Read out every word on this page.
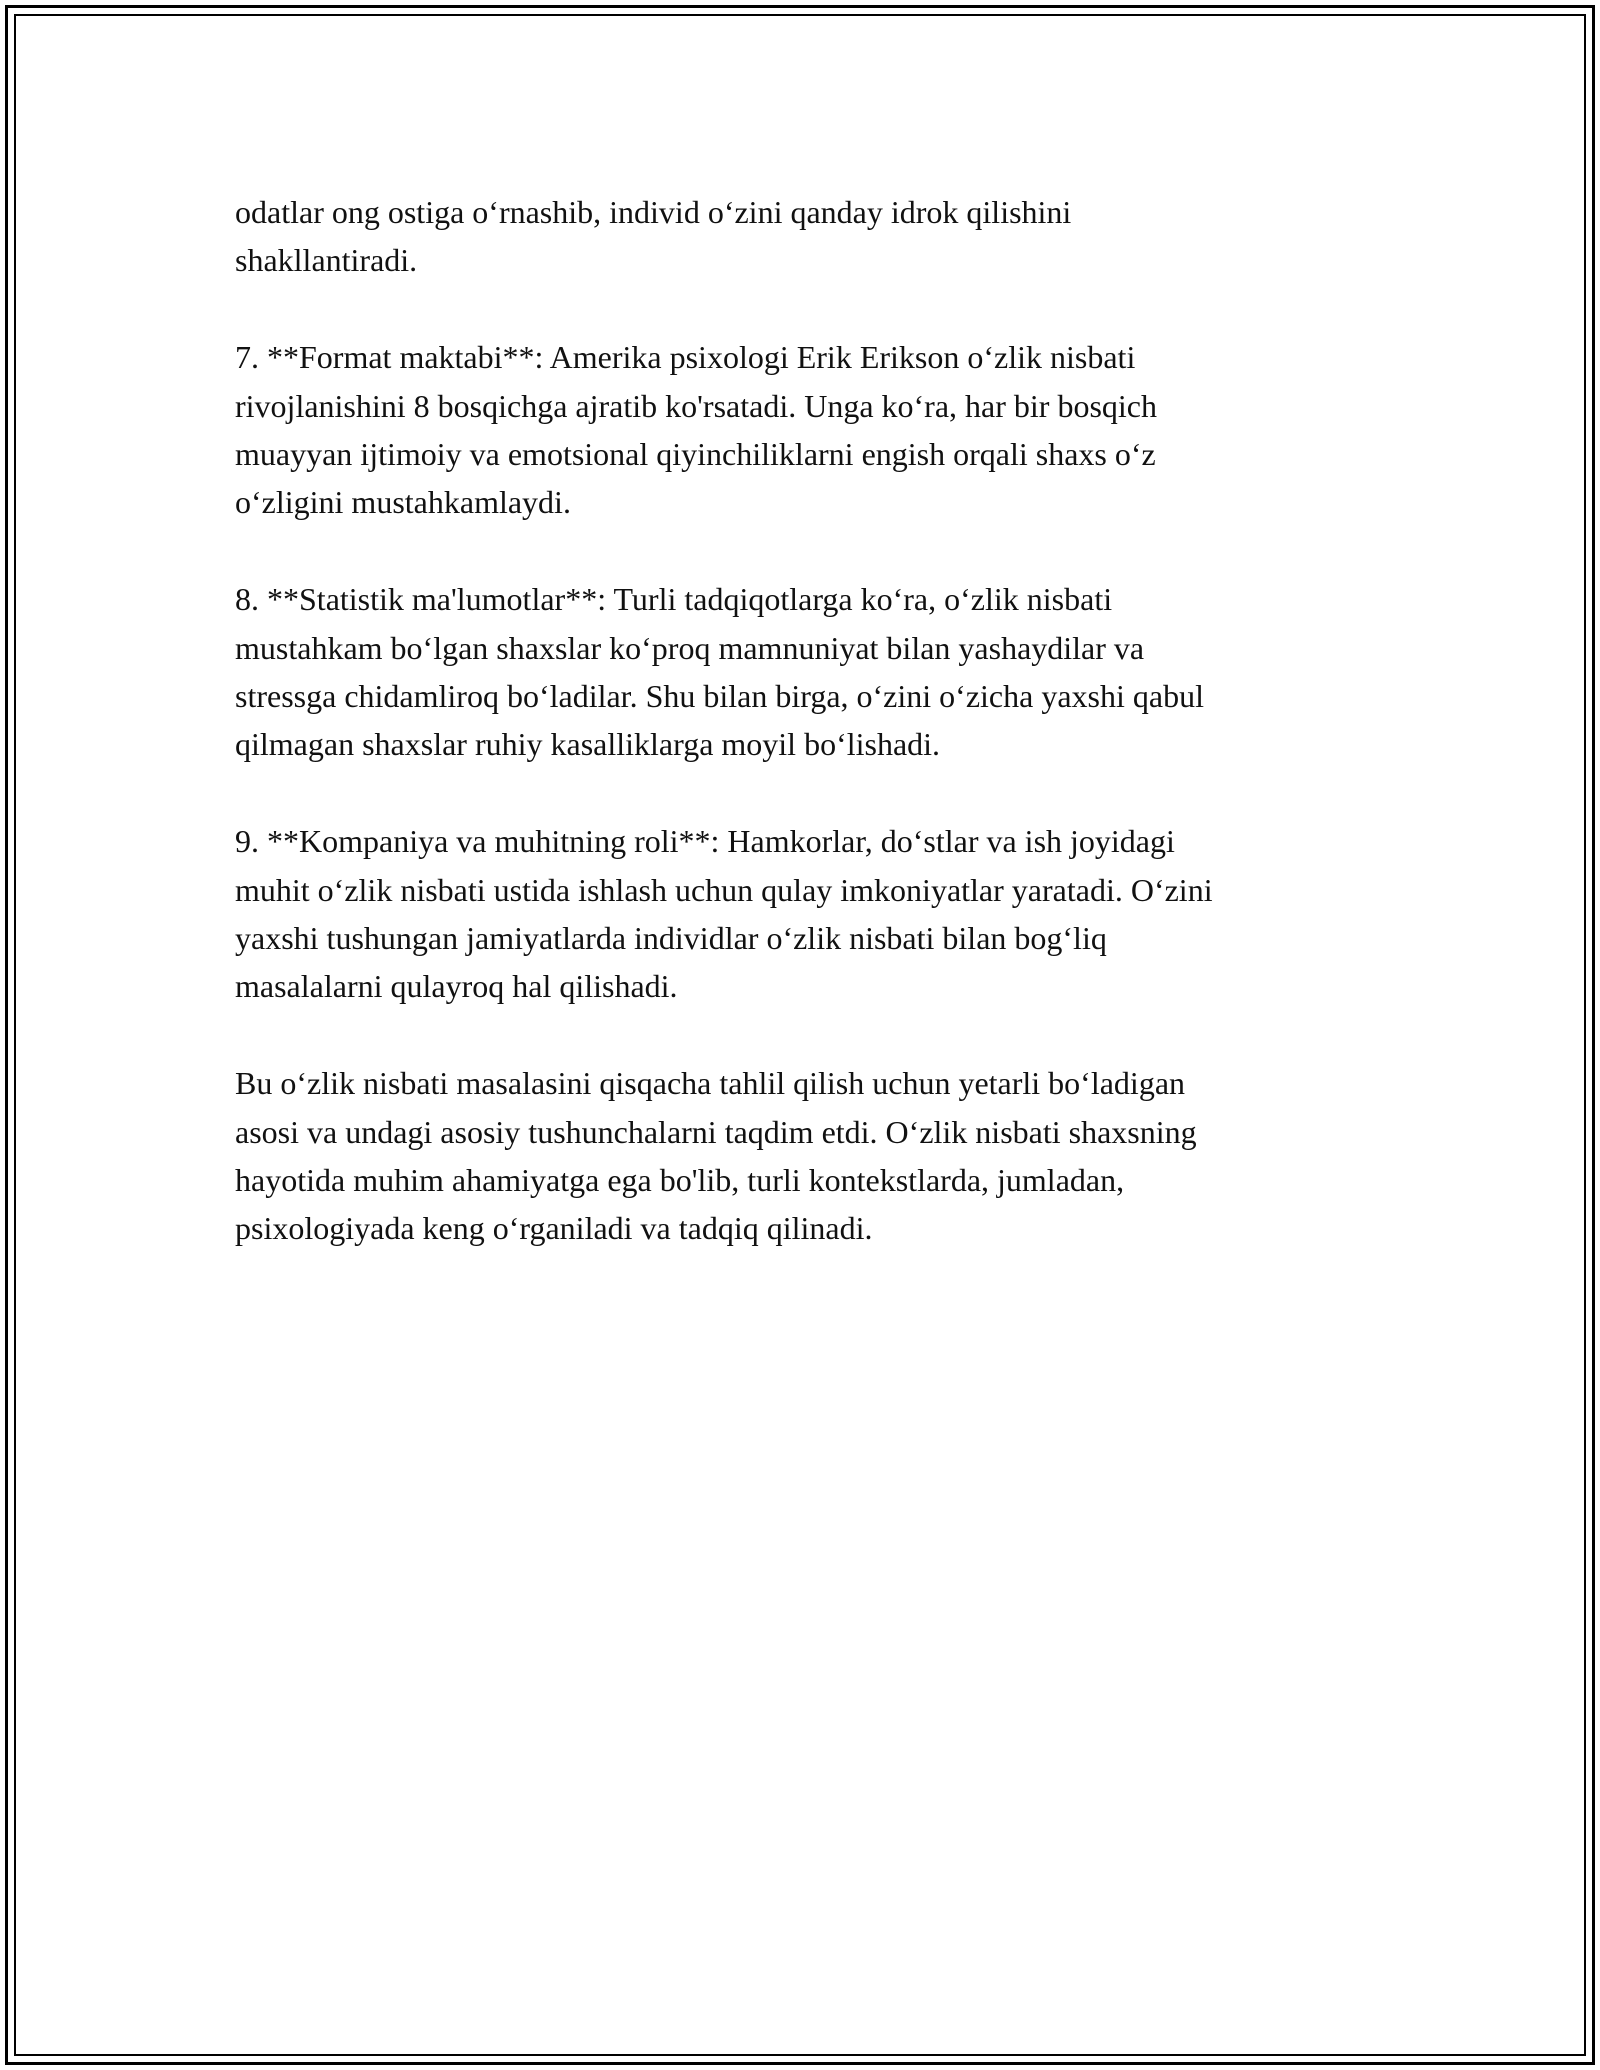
odatlar ong ostiga o‘rnashib, individ o‘zini qanday idrok qilishini
shakllantiradi.

7. **Format maktabi**: Amerika psixologi Erik Erikson o‘zlik nisbati
rivojlanishini 8 bosqichga ajratib ko'rsatadi. Unga ko‘ra, har bir bosqich
muayyan ijtimoiy va emotsional qiyinchiliklarni engish orqali shaxs o‘z
o‘zligini mustahkamlaydi.

8. **Statistik ma'lumotlar**: Turli tadqiqotlarga ko‘ra, o‘zlik nisbati
mustahkam bo‘lgan shaxslar ko‘proq mamnuniyat bilan yashaydilar va
stressga chidamliroq bo‘ladilar. Shu bilan birga, o‘zini o‘zicha yaxshi qabul
qilmagan shaxslar ruhiy kasalliklarga moyil bo‘lishadi.

9. **Kompaniya va muhitning roli**: Hamkorlar, do‘stlar va ish joyidagi
muhit o‘zlik nisbati ustida ishlash uchun qulay imkoniyatlar yaratadi. O‘zini
yaxshi tushungan jamiyatlarda individlar o‘zlik nisbati bilan bog‘liq
masalalarni qulayroq hal qilishadi.

Bu o‘zlik nisbati masalasini qisqacha tahlil qilish uchun yetarli bo‘ladigan
asosi va undagi asosiy tushunchalarni taqdim etdi. O‘zlik nisbati shaxsning
hayotida muhim ahamiyatga ega bo'lib, turli kontekstlarda, jumladan,
psixologiyada keng o‘rganiladi va tadqiq qilinadi.
